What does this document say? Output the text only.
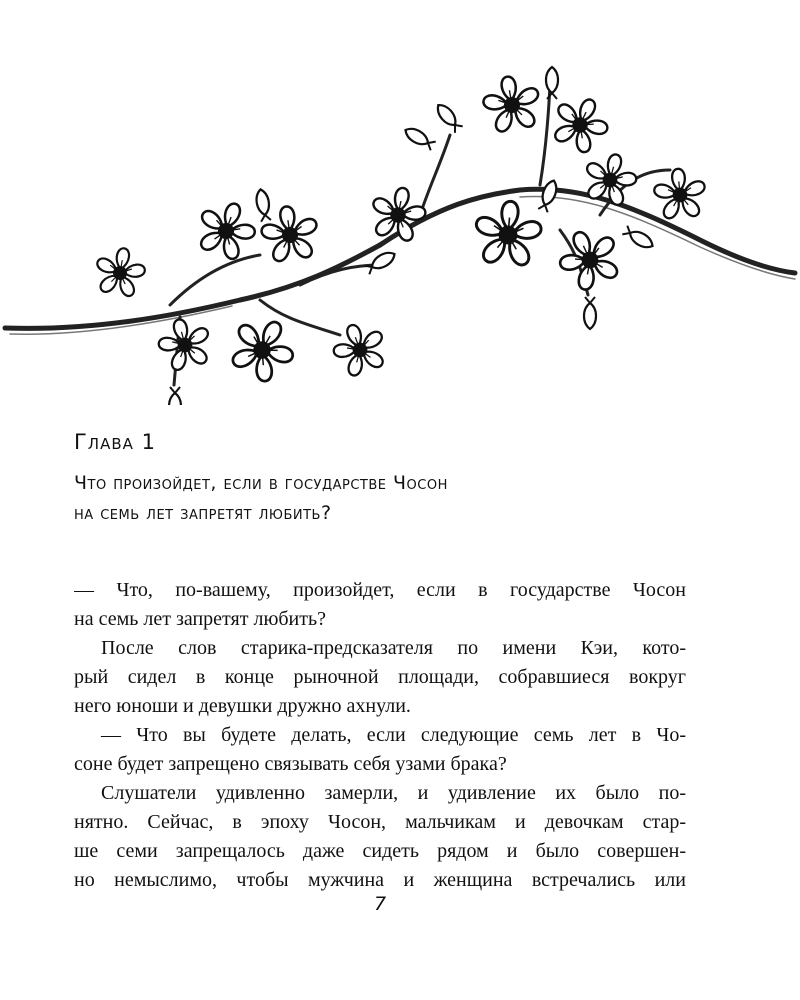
Глава 1
Что произойдет, если в государстве Чосон
на семь лет запретят любить?
— Что, по-вашему, произойдет, если в государстве Чосон
на семь лет запретят любить?
После слов старика-предсказателя по имени Кэи, кото-
рый сидел в конце рыночной площади, собравшиеся вокруг
него юноши и девушки дружно ахнули.
— Что вы будете делать, если следующие семь лет в Чо-
соне будет запрещено связывать себя узами брака?
Слушатели удивленно замерли, и удивление их было по-
нятно. Сейчас, в эпоху Чосон, мальчикам и девочкам стар-
ше семи запрещалось даже сидеть рядом и было совершен-
но немыслимо, чтобы мужчина и женщина встречались или
7
